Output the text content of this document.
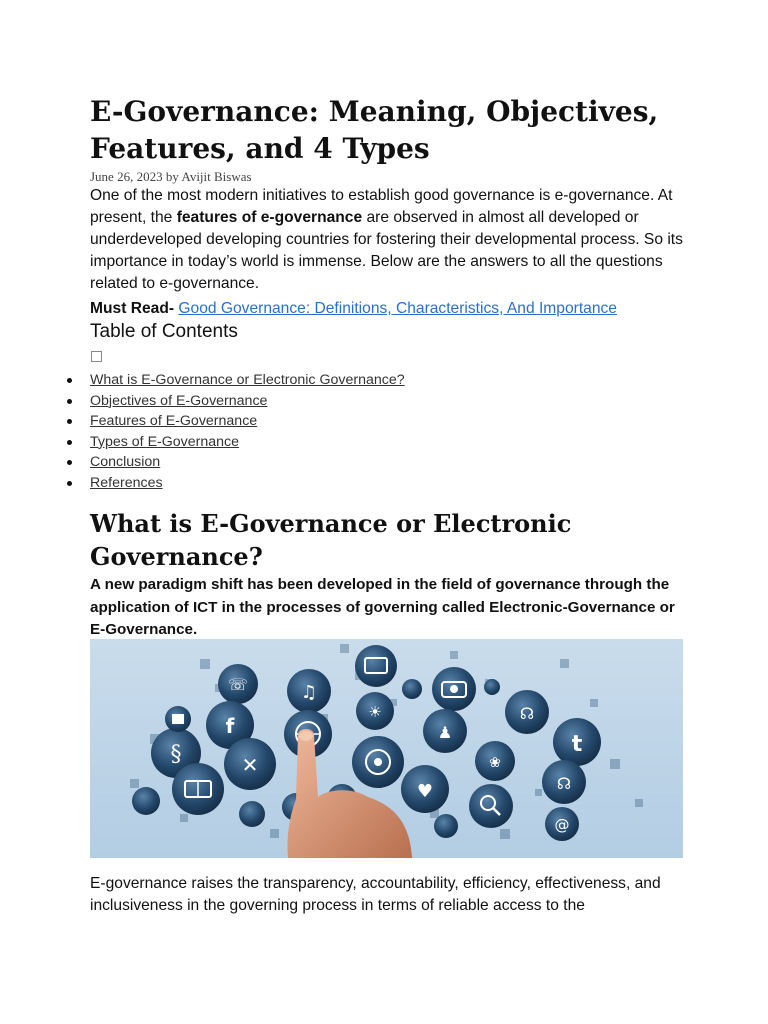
E-Governance: Meaning, Objectives, Features, and 4 Types
June 26, 2023 by Avijit Biswas

One of the most modern initiatives to establish good governance is e-governance. At present, the features of e-governance are observed in almost all developed or underdeveloped developing countries for fostering their developmental process. So its importance in today’s world is immense. Below are the answers to all the questions related to e-governance.

Must Read- Good Governance: Definitions, Characteristics, And Importance
Table of Contents
What is E-Governance or Electronic Governance?
Objectives of E-Governance
Features of E-Governance
Types of E-Governance
Conclusion
References
What is E-Governance or Electronic Governance?

A new paradigm shift has been developed in the field of governance through the application of ICT in the processes of governing called Electronic-Governance or E-Governance.

☏	♫
f
☀
♟
☊
t
§	✕	❀
♥	☊
@

E-governance raises the transparency, accountability, efficiency, effectiveness, and inclusiveness in the governing process in terms of reliable access to the
